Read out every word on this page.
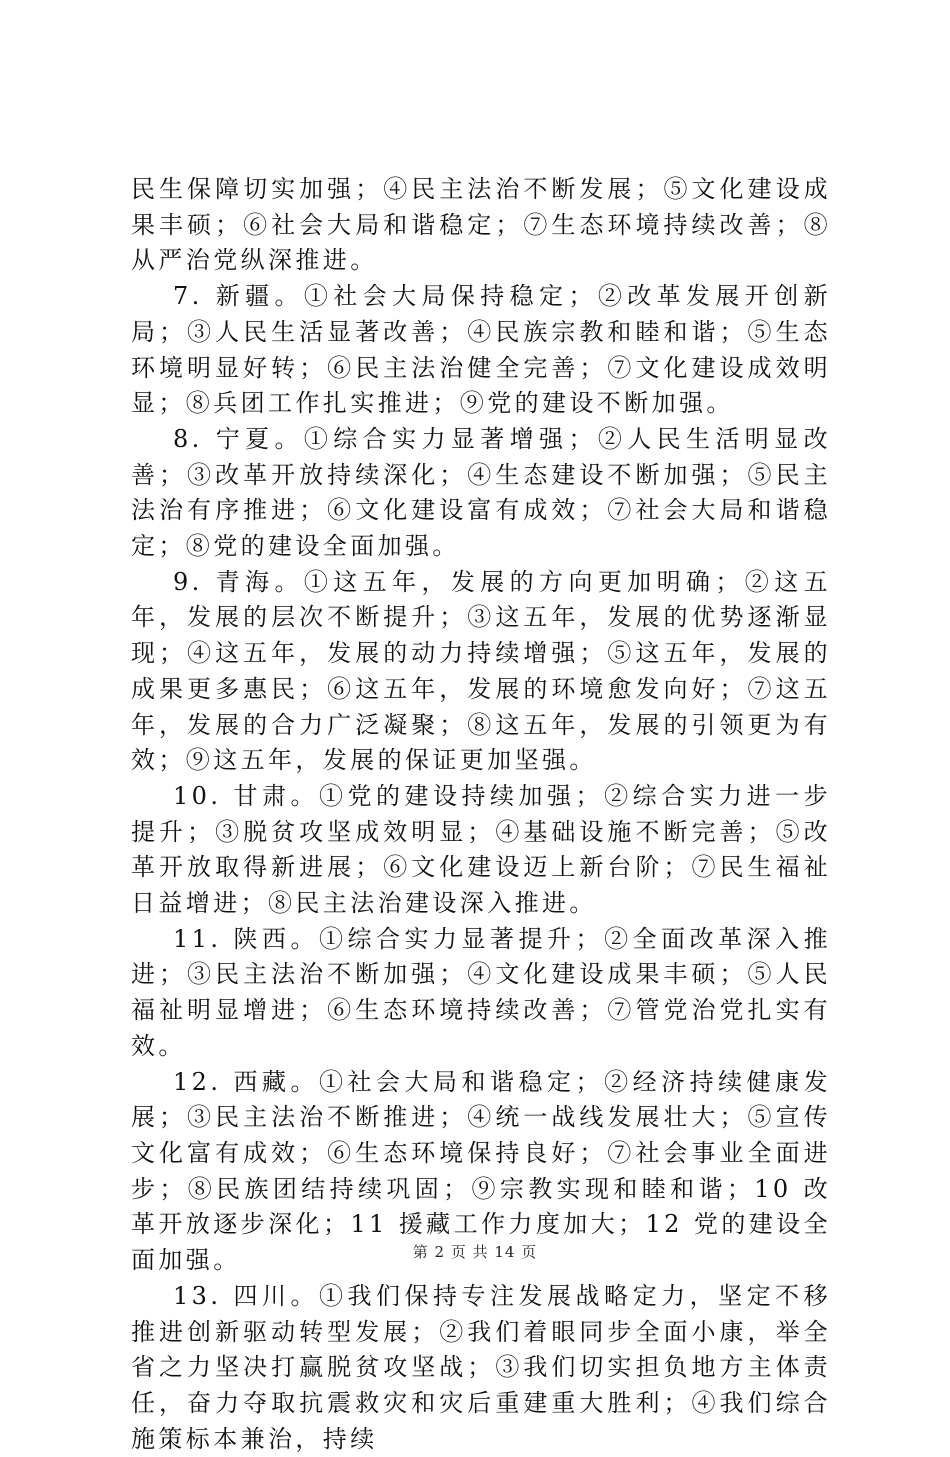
民生保障切实加强；④民主法治不断发展；⑤文化建设成果丰硕；⑥社会大局和谐稳定；⑦生态环境持续改善；⑧从严治党纵深推进。

7. 新疆。①社会大局保持稳定；②改革发展开创新局；③人民生活显著改善；④民族宗教和睦和谐；⑤生态环境明显好转；⑥民主法治健全完善；⑦文化建设成效明显；⑧兵团工作扎实推进；⑨党的建设不断加强。

8. 宁夏。①综合实力显著增强；②人民生活明显改善；③改革开放持续深化；④生态建设不断加强；⑤民主法治有序推进；⑥文化建设富有成效；⑦社会大局和谐稳定；⑧党的建设全面加强。

9. 青海。①这五年，发展的方向更加明确；②这五年，发展的层次不断提升；③这五年，发展的优势逐渐显现；④这五年，发展的动力持续增强；⑤这五年，发展的成果更多惠民；⑥这五年，发展的环境愈发向好；⑦这五年，发展的合力广泛凝聚；⑧这五年，发展的引领更为有效；⑨这五年，发展的保证更加坚强。

10. 甘肃。①党的建设持续加强；②综合实力进一步提升；③脱贫攻坚成效明显；④基础设施不断完善；⑤改革开放取得新进展；⑥文化建设迈上新台阶；⑦民生福祉日益增进；⑧民主法治建设深入推进。

11. 陕西。①综合实力显著提升；②全面改革深入推进；③民主法治不断加强；④文化建设成果丰硕；⑤人民福祉明显增进；⑥生态环境持续改善；⑦管党治党扎实有效。

12. 西藏。①社会大局和谐稳定；②经济持续健康发展；③民主法治不断推进；④统一战线发展壮大；⑤宣传文化富有成效；⑥生态环境保持良好；⑦社会事业全面进步；⑧民族团结持续巩固；⑨宗教实现和睦和谐；10 改革开放逐步深化；11 援藏工作力度加大；12 党的建设全面加强。

13. 四川。①我们保持专注发展战略定力，坚定不移推进创新驱动转型发展；②我们着眼同步全面小康，举全省之力坚决打赢脱贫攻坚战；③我们切实担负地方主体责任，奋力夺取抗震救灾和灾后重建重大胜利；④我们综合施策标本兼治，持续

第 2 页 共 14 页
